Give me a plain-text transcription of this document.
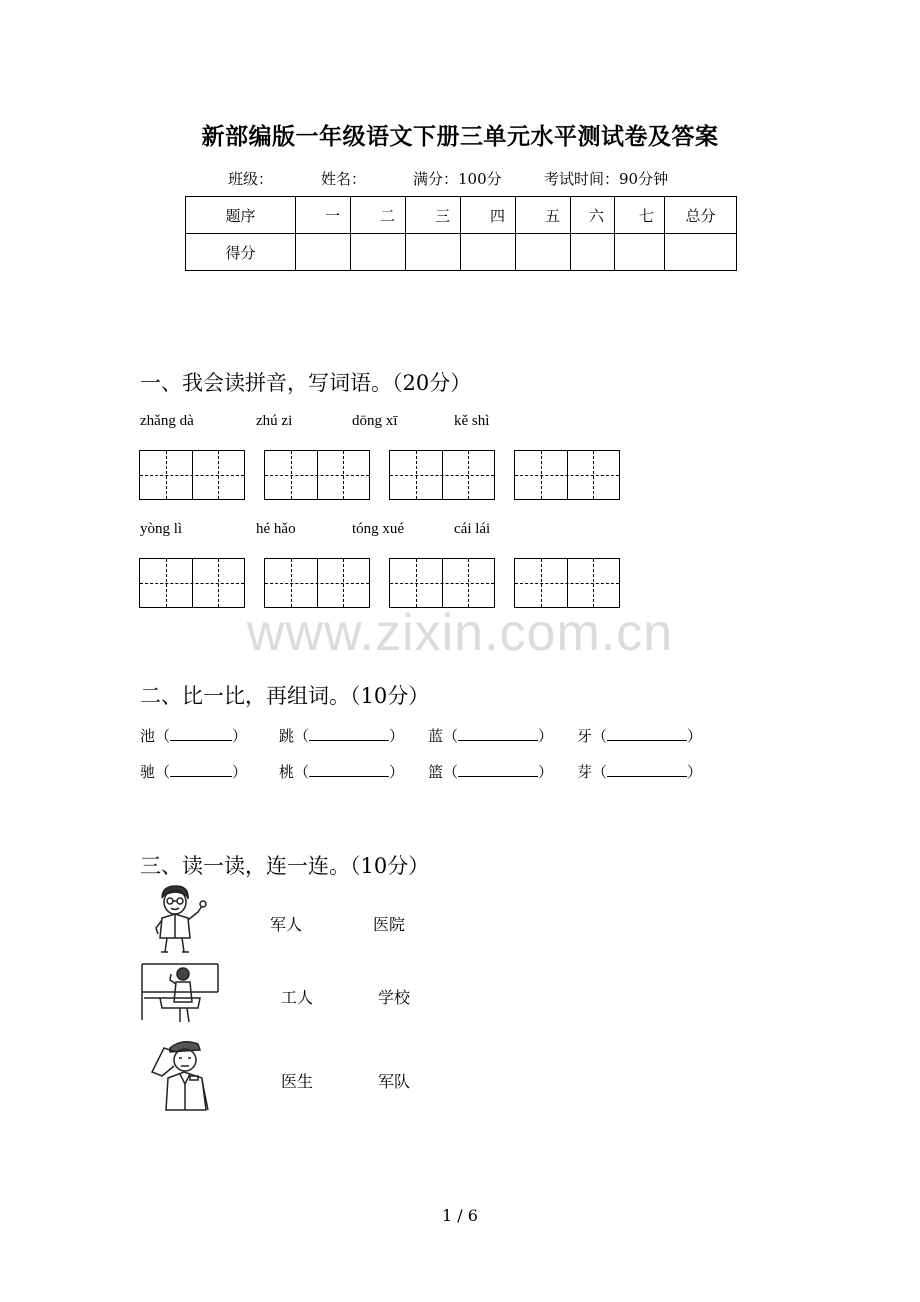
新部编版一年级语文下册三单元水平测试卷及答案
班级：	姓名：	满分：100分	考试时间：90分钟
题序	一	二	三	四	五	六	七	总分
得分								
一、我会读拼音，写词语。（20分）
zhǎng dà	zhú zi	dōng xī	kě shì
yòng lì	hé hǎo	tóng xué	cái lái
www.zixin.com.cn
二、比一比，再组词。（10分）
池（	） 跳（	） 蓝（	） 牙（	）
驰（	） 桃（	） 篮（	） 芽（	）
三、读一读，连一连。（10分）
军人	医院
工人	学校
医生	军队
1 / 6
